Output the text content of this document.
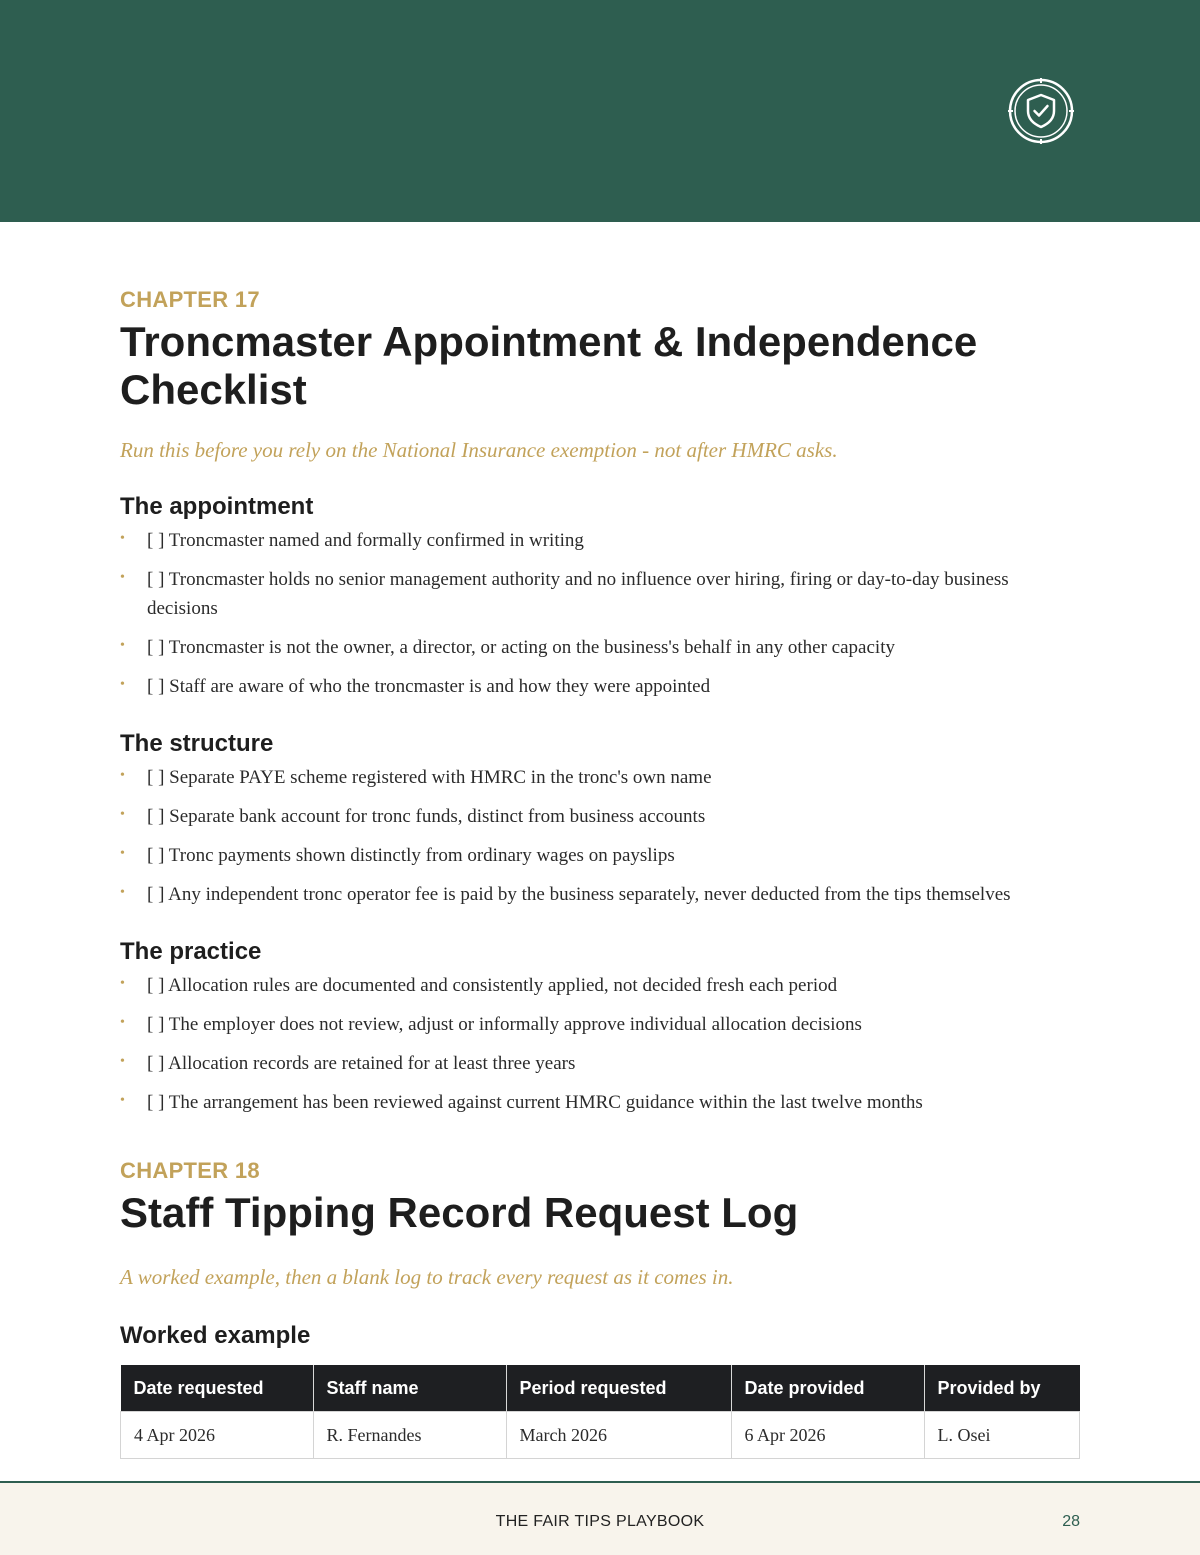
CHAPTER 17

Troncmaster Appointment & Independence Checklist

Run this before you rely on the National Insurance exemption - not after HMRC asks.

The appointment
• [ ] Troncmaster named and formally confirmed in writing
• [ ] Troncmaster holds no senior management authority and no influence over hiring, firing or day-to-day business decisions
• [ ] Troncmaster is not the owner, a director, or acting on the business's behalf in any other capacity
• [ ] Staff are aware of who the troncmaster is and how they were appointed
The structure
• [ ] Separate PAYE scheme registered with HMRC in the tronc's own name
• [ ] Separate bank account for tronc funds, distinct from business accounts
• [ ] Tronc payments shown distinctly from ordinary wages on payslips
• [ ] Any independent tronc operator fee is paid by the business separately, never deducted from the tips themselves
The practice
• [ ] Allocation rules are documented and consistently applied, not decided fresh each period
• [ ] The employer does not review, adjust or informally approve individual allocation decisions
• [ ] Allocation records are retained for at least three years
• [ ] The arrangement has been reviewed against current HMRC guidance within the last twelve months

CHAPTER 18

Staff Tipping Record Request Log

A worked example, then a blank log to track every request as it comes in.

Worked example
Date requested	Staff name	Period requested	Date provided	Provided by
4 Apr 2026	R. Fernandes	March 2026	6 Apr 2026	L. Osei
THE FAIR TIPS PLAYBOOK	28
